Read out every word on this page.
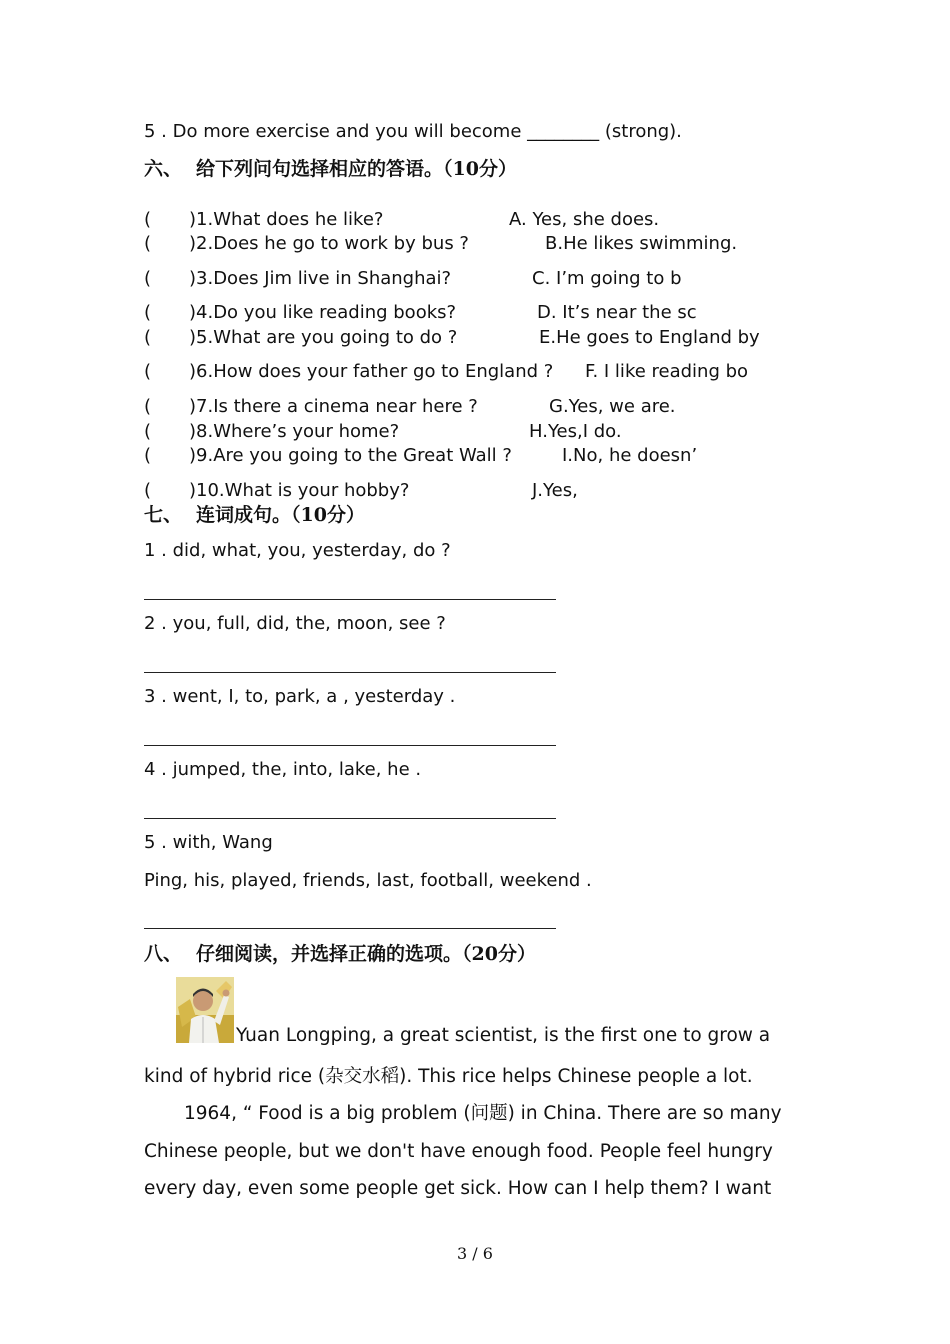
5 . Do more exercise and you will become ________ (strong).
六、 给下列问句选择相应的答语。（10分）
( )1.What does he like?	A. Yes, she does.
( )2.Does he go to work by bus ?	B.He likes swimming.
( )3.Does Jim live in Shanghai?	C. I’m going to b
( )4.Do you like reading books?	D. It’s near the sc
( )5.What are you going to do ?	E.He goes to England by
( )6.How does your father go to England ? F. I like reading bo
( )7.Is there a cinema near here ?	G.Yes, we are.
( )8.Where’s your home?	H.Yes,I do.
( )9.Are you going to the Great Wall ?	I.No, he doesn’
( )10.What is your hobby?	J.Yes,
七、 连词成句。（10分）
1 . did, what, you, yesterday, do ?
2 . you, full, did, the, moon, see ?
3 . went, I, to, park, a , yesterday .
4 . jumped, the, into, lake, he .
5 . with, Wang
Ping, his, played, friends, last, football, weekend .
八、 仔细阅读，并选择正确的选项。（20分）
Yuan Longping, a great scientist, is the first one to grow a
kind of hybrid rice (杂交水稻). This rice helps Chinese people a lot.
1964, “ Food is a big problem (问题) in China. There are so many
Chinese people, but we don't have enough food. People feel hungry
every day, even some people get sick. How can I help them? I want
3 / 6
